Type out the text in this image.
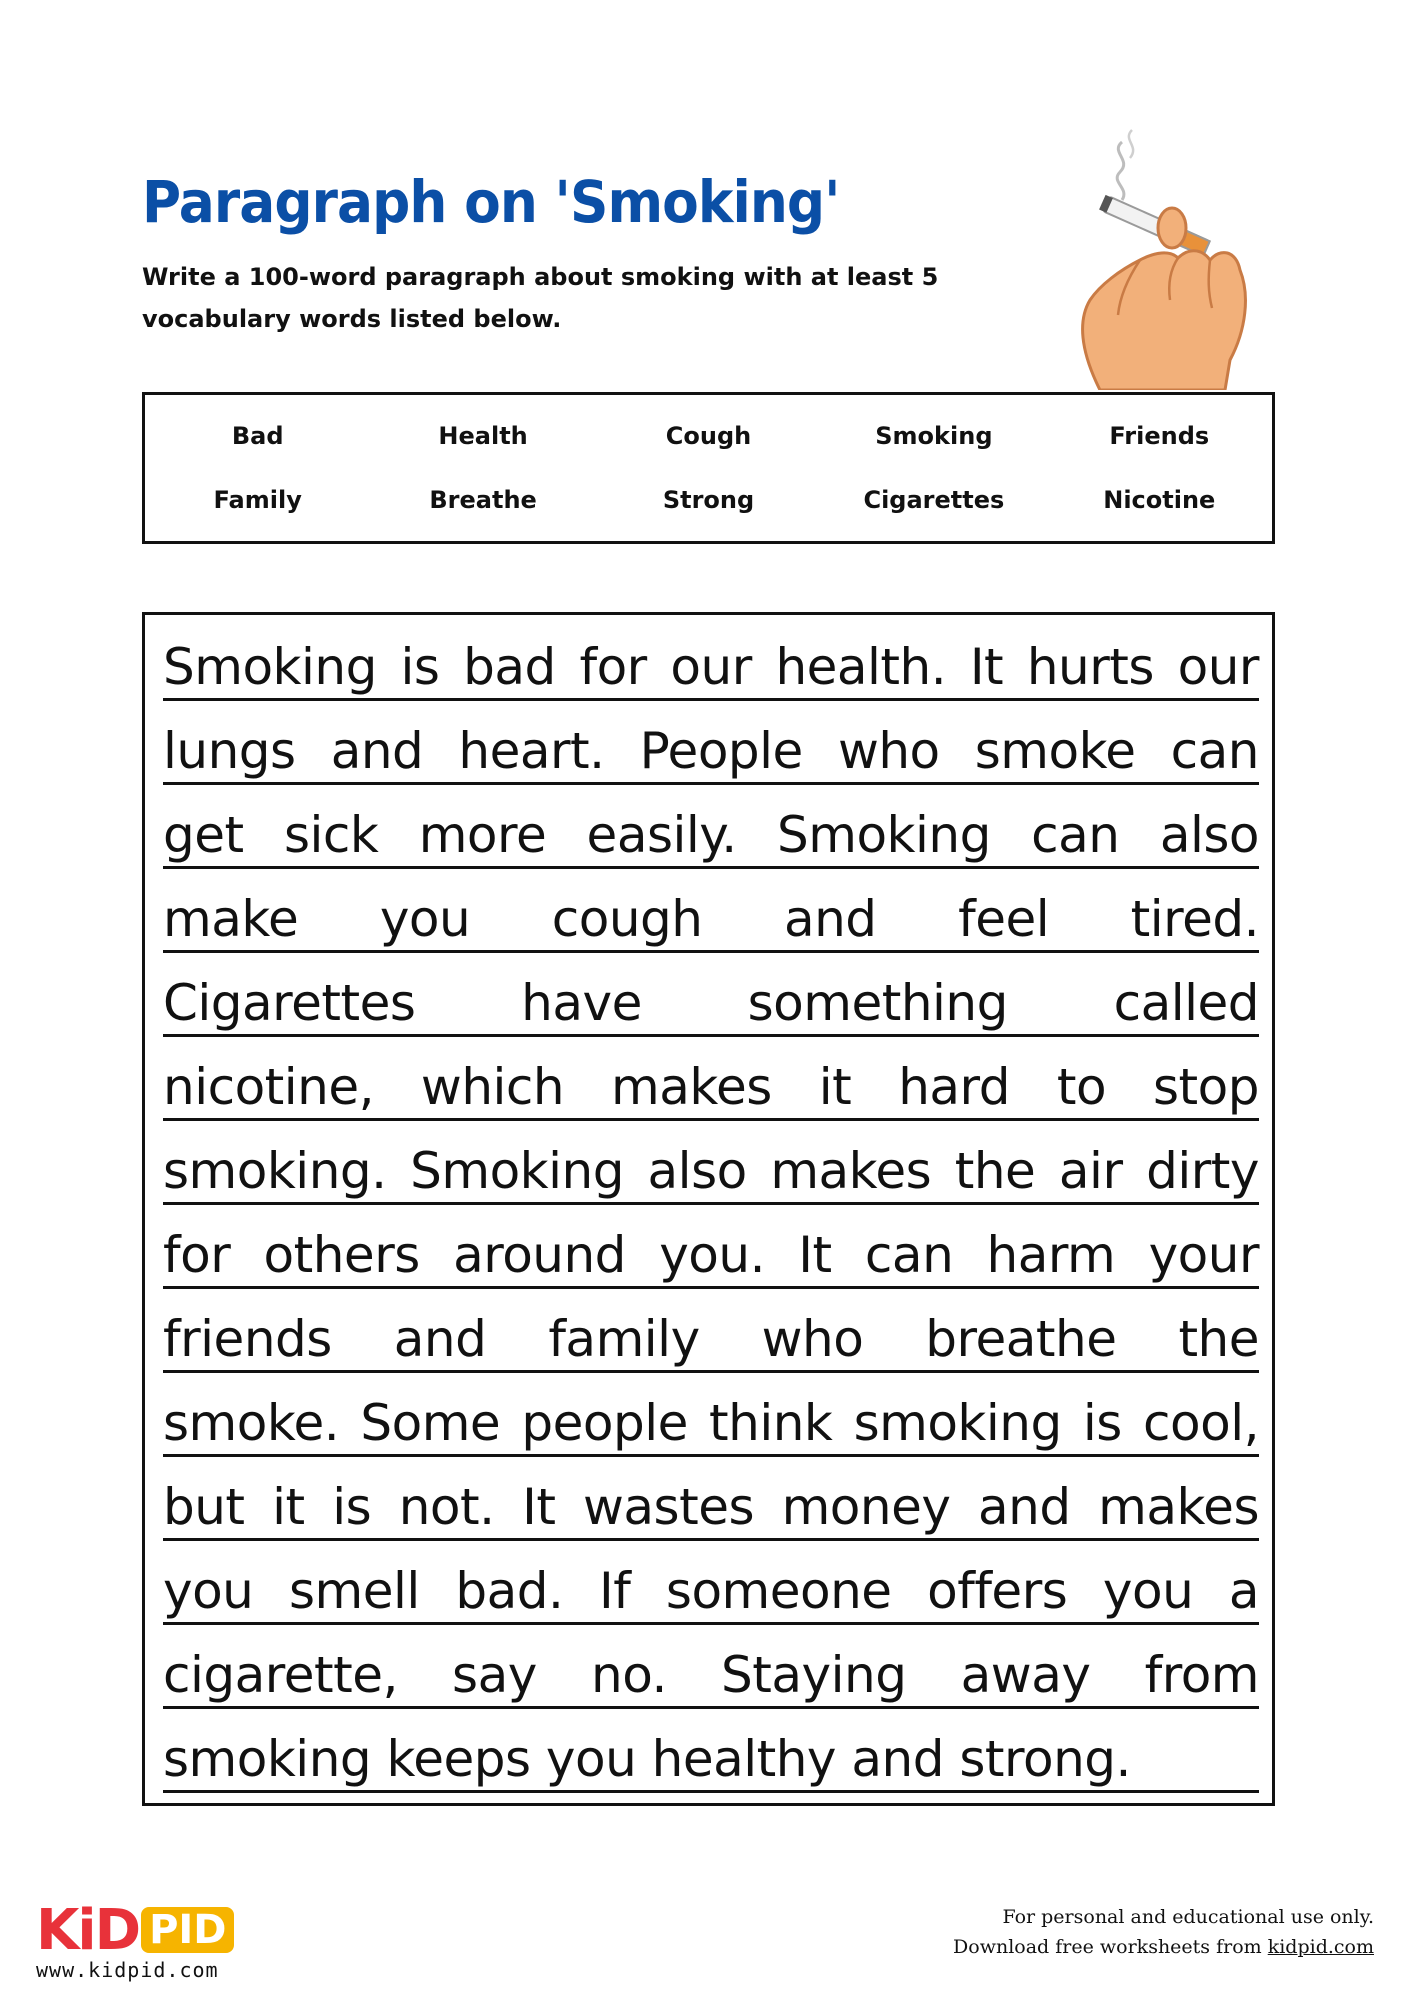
Paragraph on 'Smoking'
Write a 100-word paragraph about smoking with at least 5 vocabulary words listed below.
Bad	Health	Cough	Smoking	Friends
Family	Breathe	Strong	Cigarettes	Nicotine
Smoking is bad for our health. It hurts our
lungs and heart. People who smoke can
get sick more easily. Smoking can also
make you cough and feel tired.
Cigarettes have something called
nicotine, which makes it hard to stop
smoking. Smoking also makes the air dirty
for others around you. It can harm your
friends and family who breathe the
smoke. Some people think smoking is cool,
but it is not. It wastes money and makes
you smell bad. If someone offers you a
cigarette, say no. Staying away from
smoking keeps you healthy and strong.
KiD PID
www.kidpid.com
For personal and educational use only.
Download free worksheets from kidpid.com
